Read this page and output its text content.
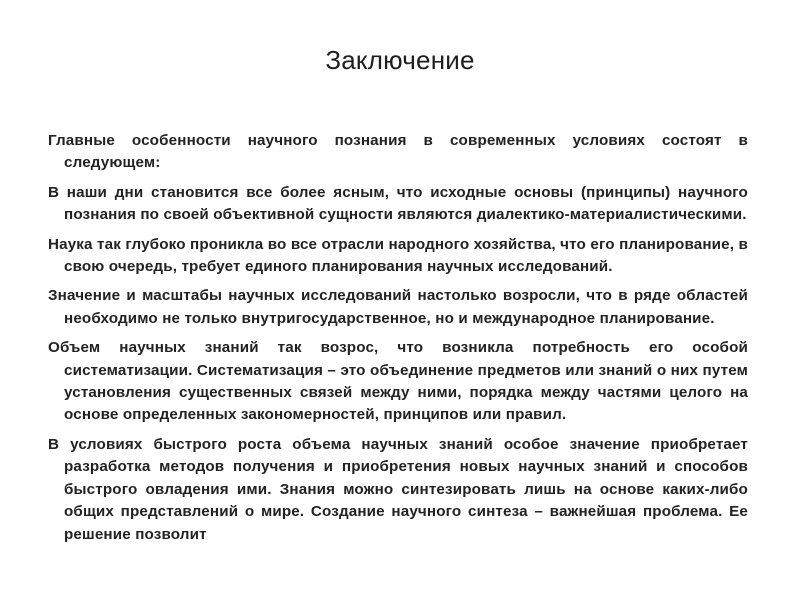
Заключение

Главные особенности научного познания в современных условиях состоят в следующем:

В наши дни становится все более ясным, что исходные основы (принципы) научного познания по своей объективной сущности являются диалектико-материалистическими.

Наука так глубоко проникла во все отрасли народного хозяйства, что его планирование, в свою очередь, требует единого планирования научных исследований.

Значение и масштабы научных исследований настолько возросли, что в ряде областей необходимо не только внутригосударственное, но и международное планирование.

Объем научных знаний так возрос, что возникла потребность его особой систематизации. Систематизация – это объединение предметов или знаний о них путем установления существенных связей между ними, порядка между частями целого на основе определенных закономерностей, принципов или правил.

В условиях быстрого роста объема научных знаний особое значение приобретает разработка методов получения и приобретения новых научных знаний и способов быстрого овладения ими. Знания можно синтезировать лишь на основе каких-либо общих представлений о мире. Создание научного синтеза – важнейшая проблема. Ее решение позволит
